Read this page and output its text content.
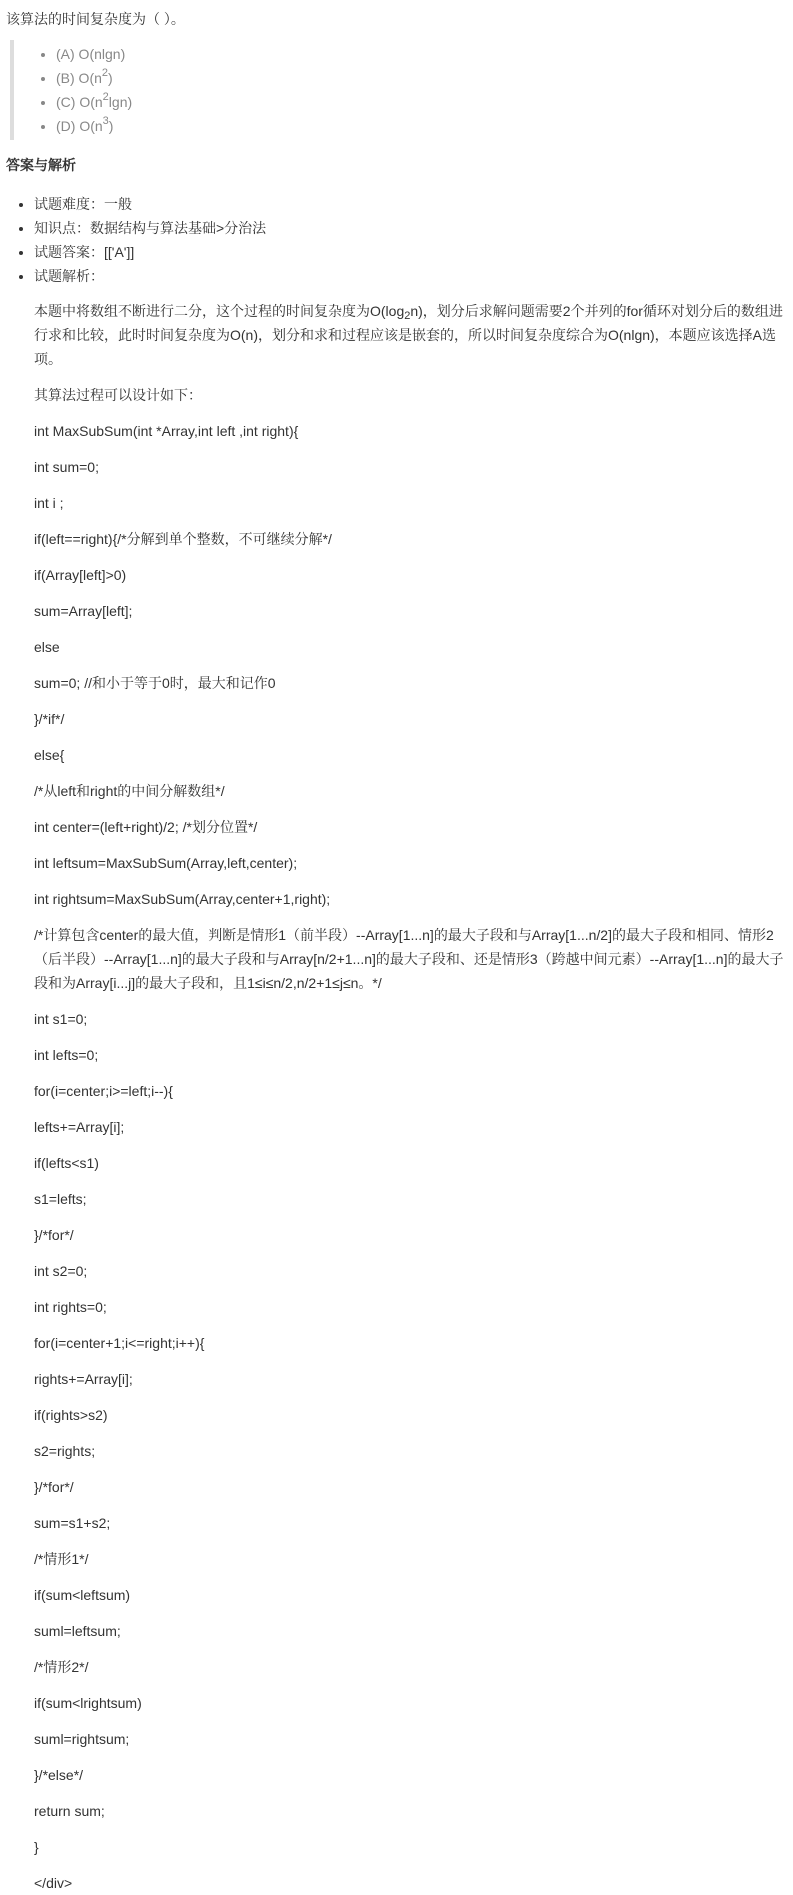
该算法的时间复杂度为（ ）。

• (A) O(nlgn)
• (B) $O(n^2)$
• (C) $O(n^2\lg n)$
• (D) $O(n^3)$
答案与解析
• 试题难度：一般
• 知识点：数据结构与算法基础>分治法
• 试题答案：[['A']]
• 试题解析：

本题中将数组不断进行二分，这个过程的时间复杂度为$O(\log_2n)$，划分后求解问题需要2个并列的for循环对划分后的数组进行求和比较，此时时间复杂度为O(n)，划分和求和过程应该是嵌套的，所以时间复杂度综合为O(nlgn)，本题应该选择A选项。

其算法过程可以设计如下：

int MaxSubSum(int *Array,int left ,int right){

int sum=0;

int i ;

if(left==right){/*分解到单个整数，不可继续分解*/

if(Array[left]>0)

sum=Array[left];

else

sum=0; //和小于等于0时，最大和记作0

}/*if*/

else{

/*从left和right的中间分解数组*/

int center=(left+right)/2; /*划分位置*/

int leftsum=MaxSubSum(Array,left,center);

int rightsum=MaxSubSum(Array,center+1,right);

/*计算包含center的最大值，判断是情形1（前半段）--Array[1...n]的最大子段和与Array[1...n/2]的最大子段和相同、情形2（后半段）--Array[1...n]的最大子段和与Array[n/2+1...n]的最大子段和、还是情形3（跨越中间元素）--Array[1...n]的最大子段和为Array[i...j]的最大子段和，且1≤i≤n/2,n/2+1≤j≤n。*/

int s1=0;

int lefts=0;

for(i=center;i>=left;i--){

lefts+=Array[i];

if(lefts<s1)

s1=lefts;

}/*for*/

int s2=0;

int rights=0;

for(i=center+1;i<=right;i++){

rights+=Array[i];

if(rights>s2)

s2=rights;

}/*for*/

sum=s1+s2;

/*情形1*/

if(sum<leftsum)

suml=leftsum;

/*情形2*/

if(sum<lrightsum)

suml=rightsum;

}/*else*/

return sum;

}

</div>
